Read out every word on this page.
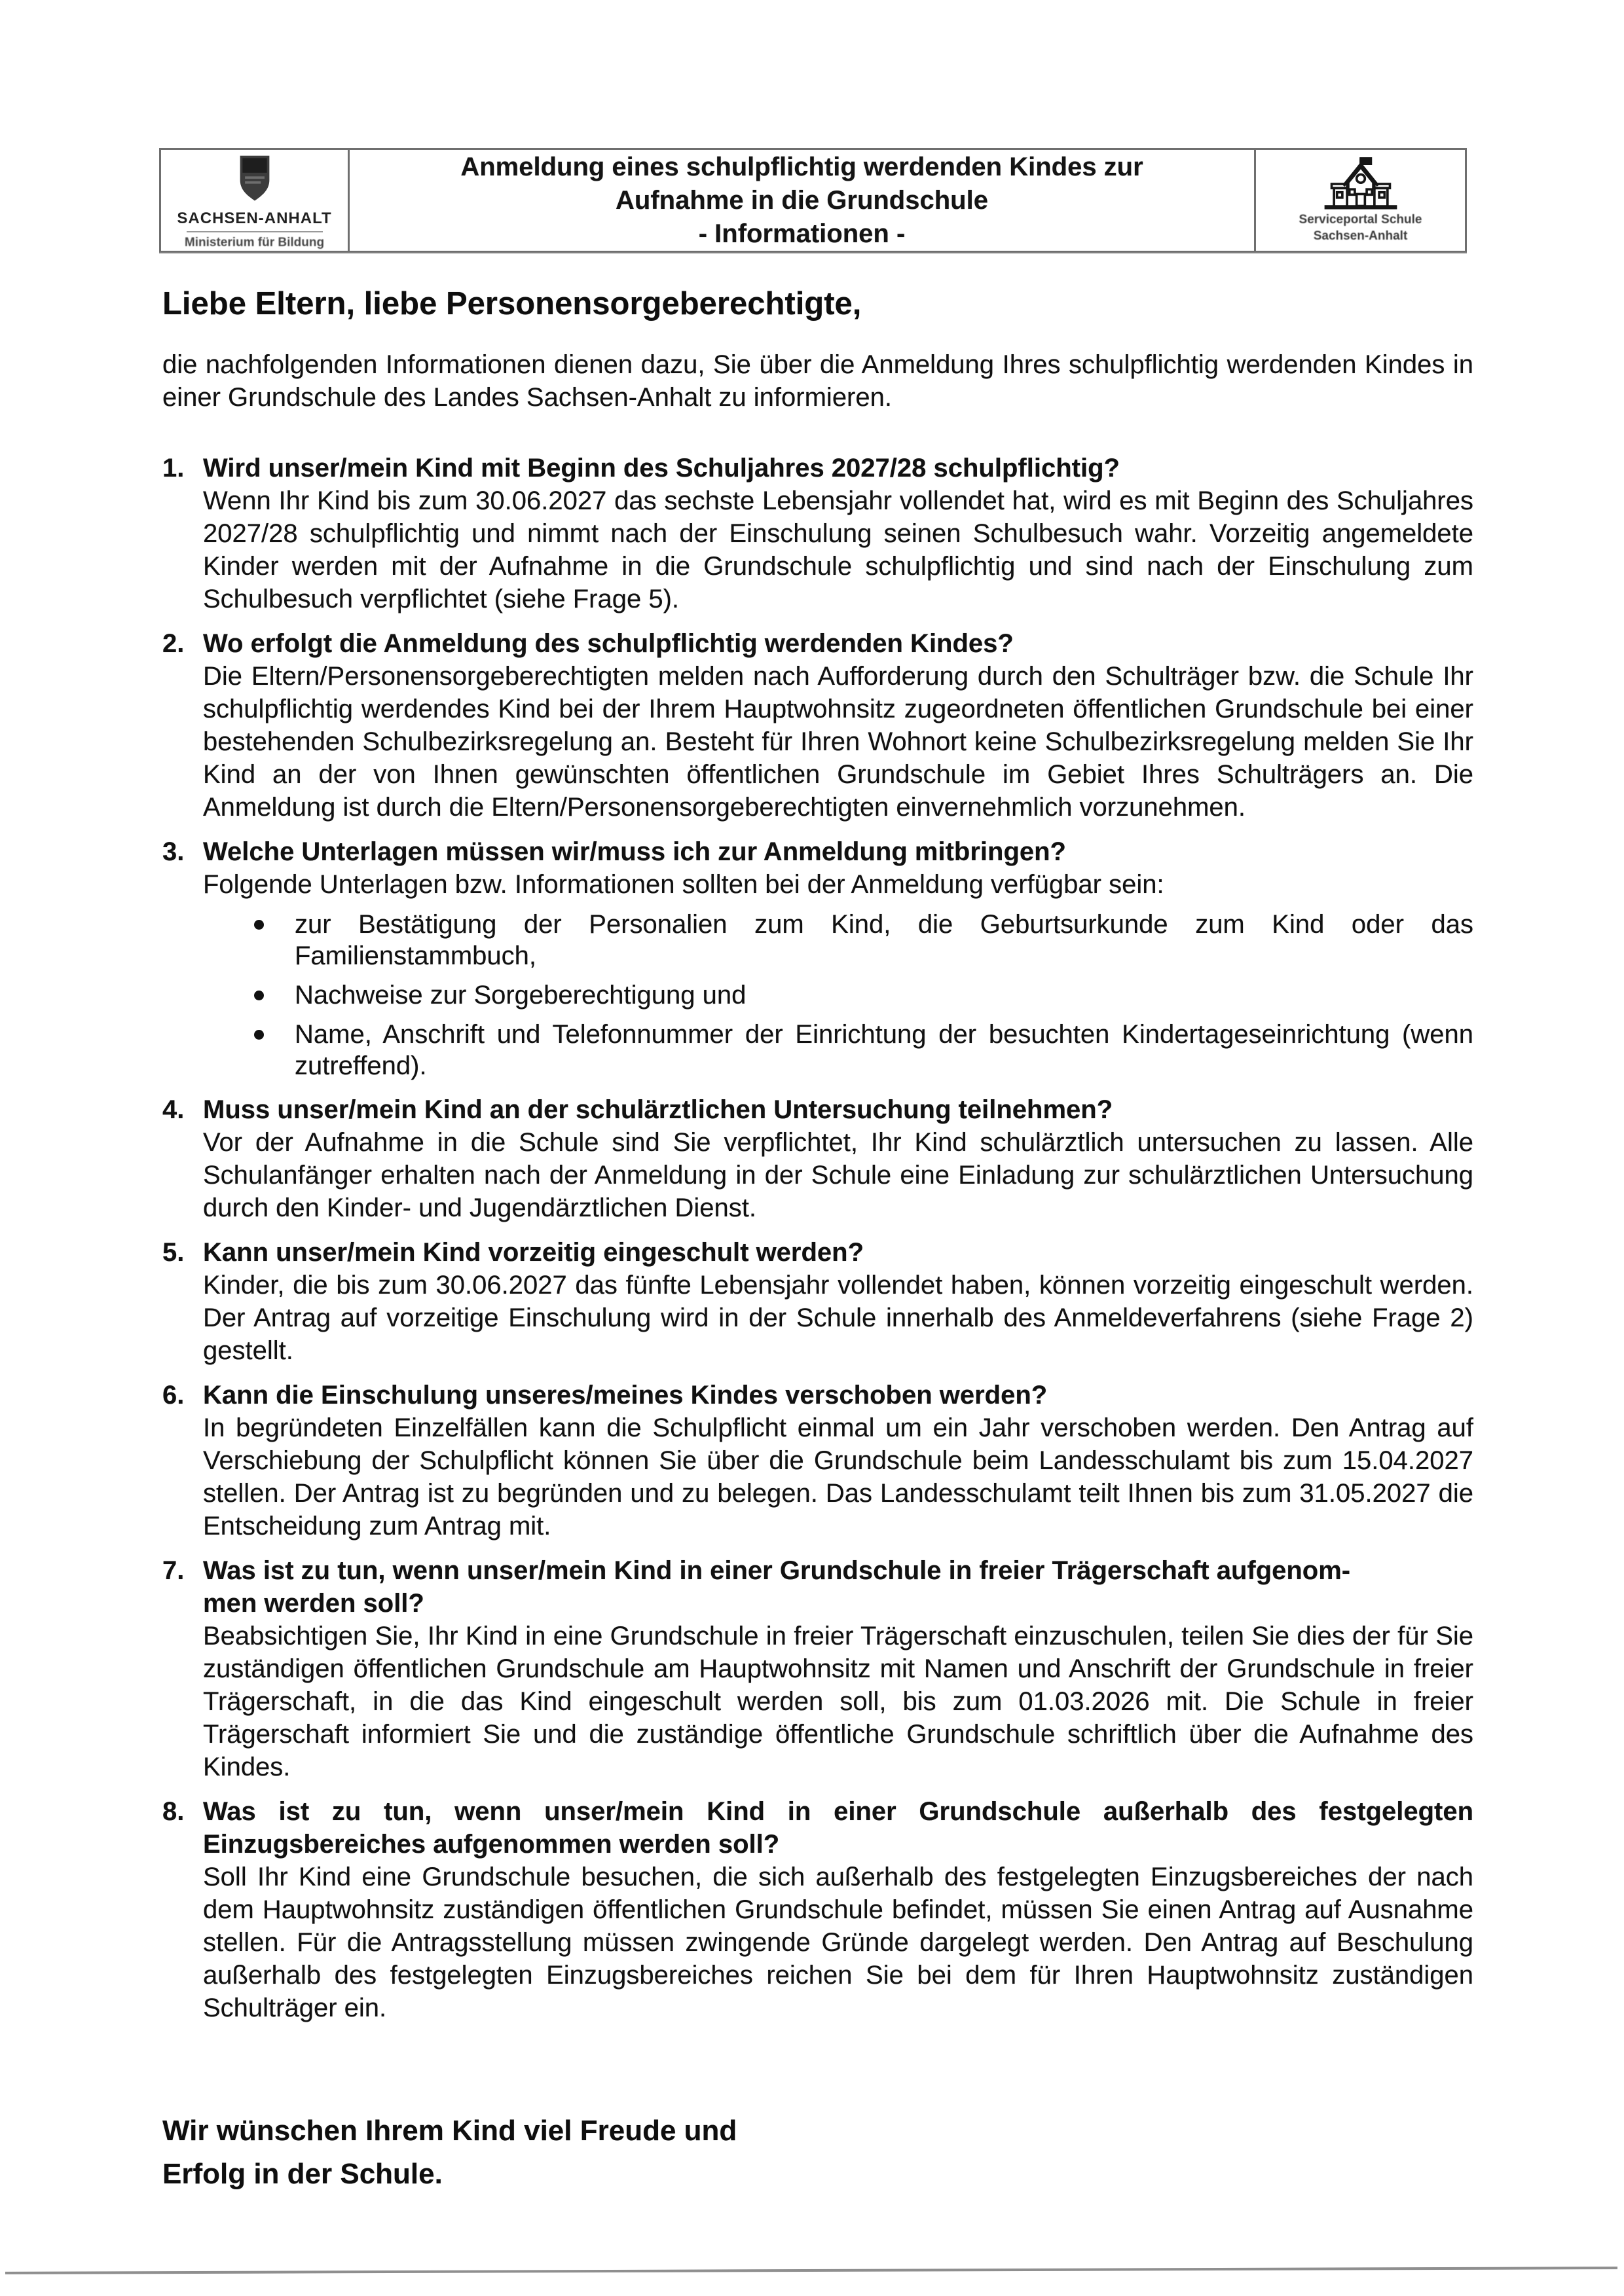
SACHSEN-ANHALT
Ministerium für Bildung
Anmeldung eines schulpflichtig werdenden Kindes zur
Aufnahme in die Grundschule
- Informationen -	Serviceportal Schule
Sachsen-Anhalt
Liebe Eltern, liebe Personensorgeberechtigte,

die nachfolgenden Informationen dienen dazu, Sie über die Anmeldung Ihres schulpflichtig werdenden Kindes in einer Grundschule des Landes Sachsen-Anhalt zu informieren.

1. Wird unser/mein Kind mit Beginn des Schuljahres 2027/28 schulpflichtig?

Wenn Ihr Kind bis zum 30.06.2027 das sechste Lebensjahr vollendet hat, wird es mit Beginn des Schuljahres 2027/28 schulpflichtig und nimmt nach der Einschulung seinen Schulbesuch wahr. Vorzeitig angemeldete Kinder werden mit der Aufnahme in die Grundschule schulpflichtig und sind nach der Einschulung zum Schulbesuch verpflichtet (siehe Frage 5).

2. Wo erfolgt die Anmeldung des schulpflichtig werdenden Kindes?

Die Eltern/Personensorgeberechtigten melden nach Aufforderung durch den Schulträger bzw. die Schule Ihr schulpflichtig werdendes Kind bei der Ihrem Hauptwohnsitz zugeordneten öffentlichen Grundschule bei einer bestehenden Schulbezirksregelung an. Besteht für Ihren Wohnort keine Schulbezirksregelung melden Sie Ihr Kind an der von Ihnen gewünschten öffentlichen Grundschule im Gebiet Ihres Schulträgers an. Die Anmeldung ist durch die Eltern/Personensorgeberechtigten einvernehmlich vorzunehmen.

3. Welche Unterlagen müssen wir/muss ich zur Anmeldung mitbringen?

Folgende Unterlagen bzw. Informationen sollten bei der Anmeldung verfügbar sein:

zur Bestätigung der Personalien zum Kind, die Geburtsurkunde zum Kind oder das Familienstammbuch,

Nachweise zur Sorgeberechtigung und

Name, Anschrift und Telefonnummer der Einrichtung der besuchten Kindertageseinrichtung (wenn zutreffend).

4. Muss unser/mein Kind an der schulärztlichen Untersuchung teilnehmen?

Vor der Aufnahme in die Schule sind Sie verpflichtet, Ihr Kind schulärztlich untersuchen zu lassen. Alle Schulanfänger erhalten nach der Anmeldung in der Schule eine Einladung zur schulärztlichen Untersuchung durch den Kinder- und Jugendärztlichen Dienst.

5. Kann unser/mein Kind vorzeitig eingeschult werden?

Kinder, die bis zum 30.06.2027 das fünfte Lebensjahr vollendet haben, können vorzeitig eingeschult werden. Der Antrag auf vorzeitige Einschulung wird in der Schule innerhalb des Anmeldeverfahrens (siehe Frage 2) gestellt.

6. Kann die Einschulung unseres/meines Kindes verschoben werden?

In begründeten Einzelfällen kann die Schulpflicht einmal um ein Jahr verschoben werden. Den Antrag auf Verschiebung der Schulpflicht können Sie über die Grundschule beim Landesschulamt bis zum 15.04.2027 stellen. Der Antrag ist zu begründen und zu belegen. Das Landesschulamt teilt Ihnen bis zum 31.05.2027 die Entscheidung zum Antrag mit.

7. Was ist zu tun, wenn unser/mein Kind in einer Grundschule in freier Trägerschaft aufgenom-
men werden soll?

Beabsichtigen Sie, Ihr Kind in eine Grundschule in freier Trägerschaft einzuschulen, teilen Sie dies der für Sie zuständigen öffentlichen Grundschule am Hauptwohnsitz mit Namen und Anschrift der Grundschule in freier Trägerschaft, in die das Kind eingeschult werden soll, bis zum 01.03.2026 mit. Die Schule in freier Trägerschaft informiert Sie und die zuständige öffentliche Grundschule schriftlich über die Aufnahme des Kindes.

8. Was ist zu tun, wenn unser/mein Kind in einer Grundschule außerhalb des festgelegten
Einzugsbereiches aufgenommen werden soll?

Soll Ihr Kind eine Grundschule besuchen, die sich außerhalb des festgelegten Einzugsbereiches der nach dem Hauptwohnsitz zuständigen öffentlichen Grundschule befindet, müssen Sie einen Antrag auf Ausnahme stellen. Für die Antragsstellung müssen zwingende Gründe dargelegt werden. Den Antrag auf Beschulung außerhalb des festgelegten Einzugsbereiches reichen Sie bei dem für Ihren Hauptwohnsitz zuständigen Schulträger ein.

Wir wünschen Ihrem Kind viel Freude und
Erfolg in der Schule.
